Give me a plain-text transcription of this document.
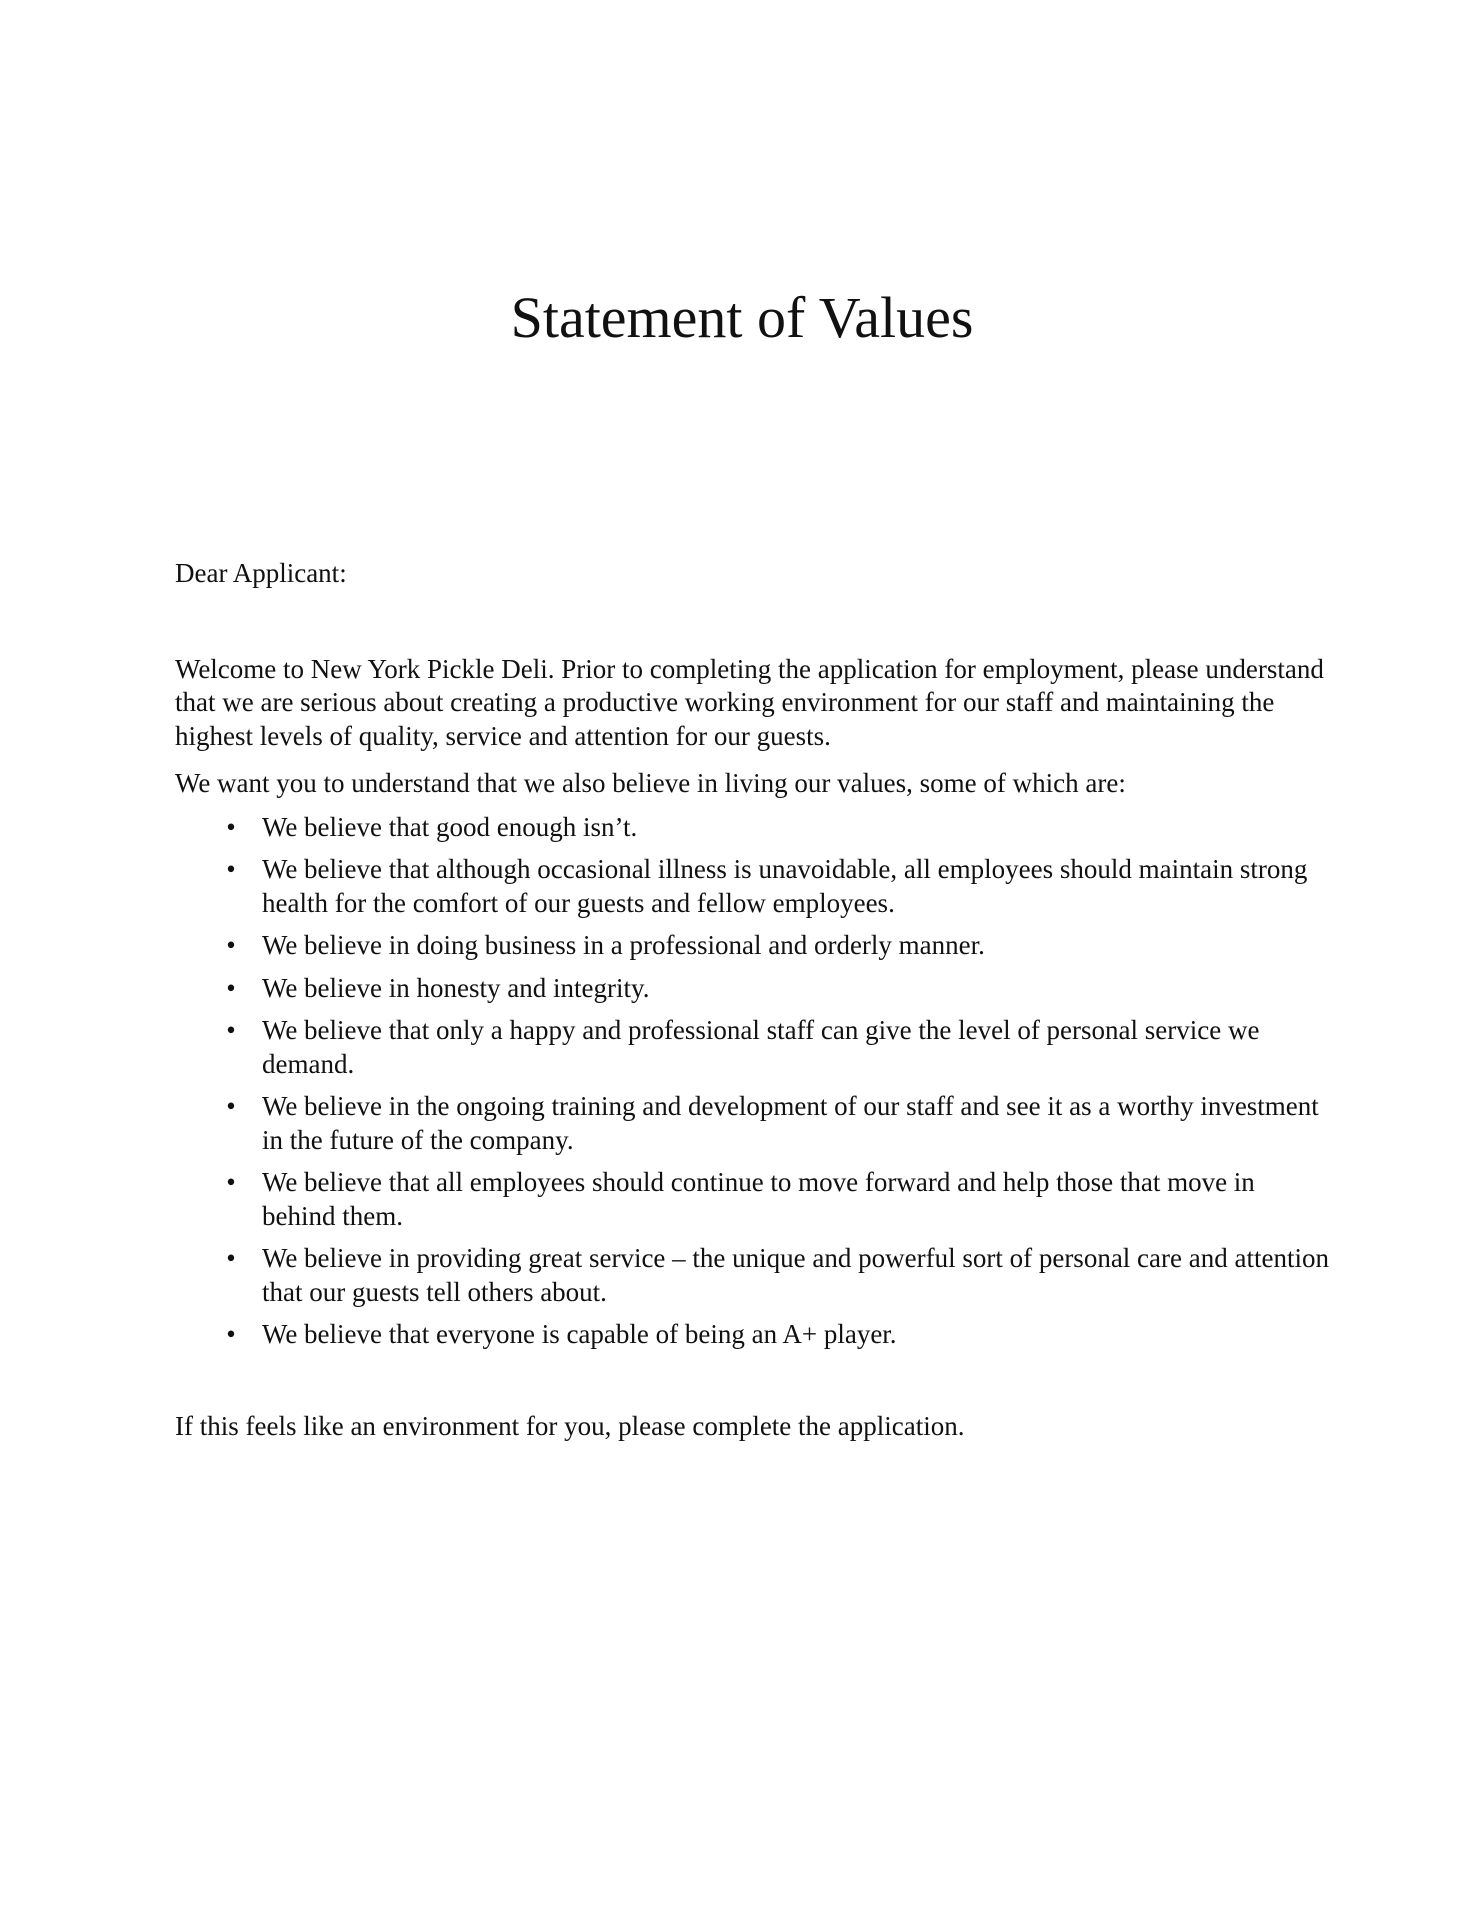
Statement of Values

Dear Applicant:

Welcome to New York Pickle Deli. Prior to completing the application for employment, please understand that we are serious about creating a productive working environment for our staff and maintaining the highest levels of quality, service and attention for our guests.

We want you to understand that we also believe in living our values, some of which are:

• We believe that good enough isn’t.
• We believe that although occasional illness is unavoidable, all employees should maintain strong health for the comfort of our guests and fellow employees.
• We believe in doing business in a professional and orderly manner.
• We believe in honesty and integrity.
• We believe that only a happy and professional staff can give the level of personal service we demand.
• We believe in the ongoing training and development of our staff and see it as a worthy investment in the future of the company.
• We believe that all employees should continue to move forward and help those that move in behind them.
• We believe in providing great service – the unique and powerful sort of personal care and attention that our guests tell others about.
• We believe that everyone is capable of being an A+ player.

If this feels like an environment for you, please complete the application.
